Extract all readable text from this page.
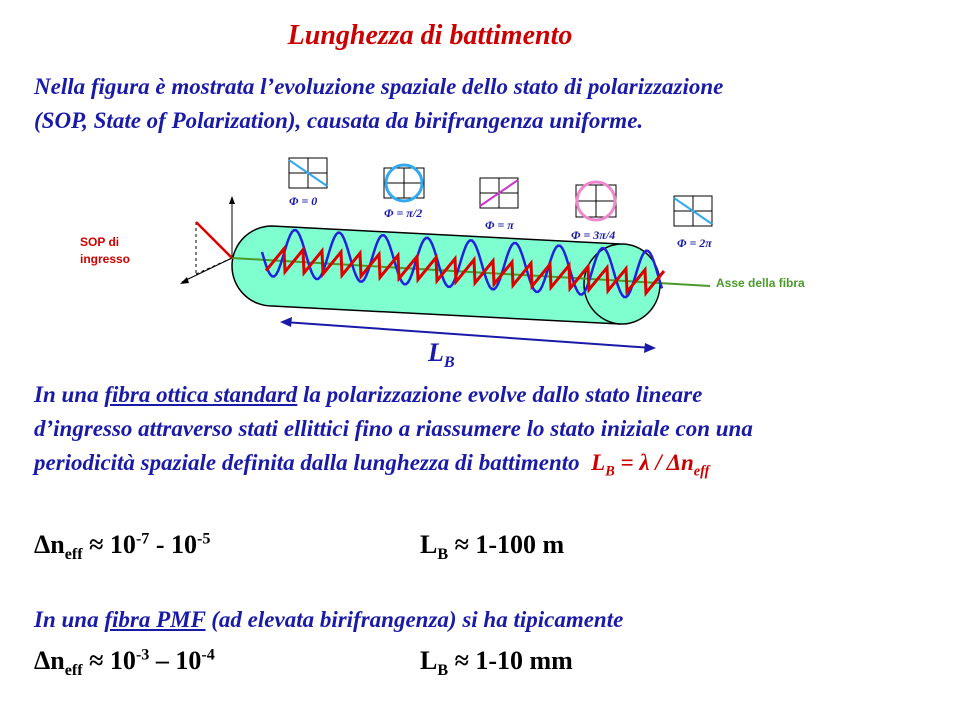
Lunghezza di battimento
Nella figura è mostrata l’evoluzione spaziale dello stato di polarizzazione
(SOP, State of Polarization), causata da birifrangenza uniforme.
SOP di
ingresso
Asse della fibra
$L_B$
Φ = 0
Φ = π/2
Φ = π
Φ = 3π/4
Φ = 2π
In una fibra ottica standard la polarizzazione evolve dallo stato lineare
d’ingresso attraverso stati ellittici fino a riassumere lo stato iniziale con una
periodicità spaziale definita dalla lunghezza di battimento $L_B = \lambda / \Delta n_{eff}$
$\Delta n_{eff} \approx 10^{-7} - 10^{-5}$	$L_B \approx 1-100$ m
In una fibra PMF (ad elevata birifrangenza) si ha tipicamente
$\Delta n_{eff} \approx 10^{-3} - 10^{-4}$	$L_B \approx 1-10$ mm
